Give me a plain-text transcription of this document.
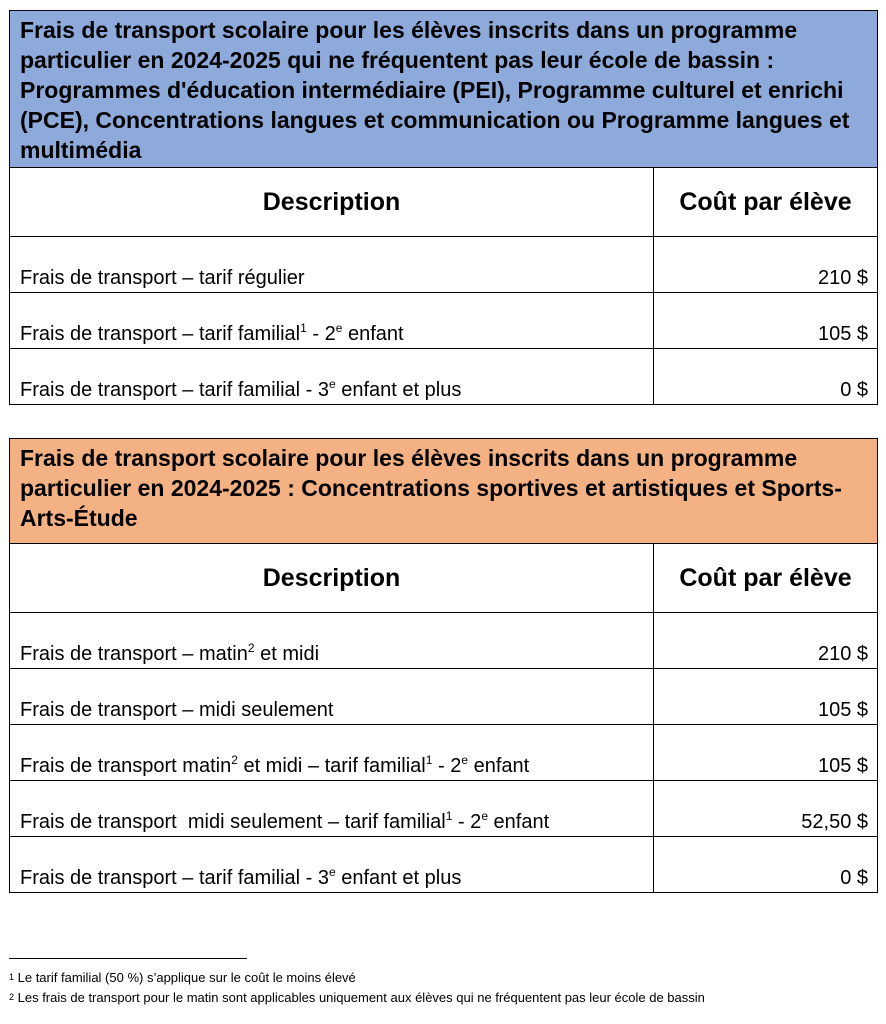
Frais de transport scolaire pour les élèves inscrits dans un programme particulier en 2024-2025 qui ne fréquentent pas leur école de bassin : Programmes d'éducation intermédiaire (PEI), Programme culturel et enrichi (PCE), Concentrations langues et communication ou Programme langues et multimédia	
Description	Coût par élève
Frais de transport – tarif régulier	210 $
Frais de transport – tarif familial$^1$ - 2e enfant	105 $
Frais de transport – tarif familial - 3e enfant et plus	0 $
Frais de transport scolaire pour les élèves inscrits dans un programme particulier en 2024-2025 : Concentrations sportives et artistiques et Sports-Arts-Étude	
Description	Coût par élève
Frais de transport – matin$^2$ et midi	210 $
Frais de transport – midi seulement	105 $
Frais de transport matin$^2$ et midi – tarif familial$^1$ - 2e enfant	105 $
Frais de transport  midi seulement – tarif familial$^1$ - 2e enfant	52,50 $
Frais de transport – tarif familial - 3e enfant et plus	0 $
$^1$ Le tarif familial (50 %) s’applique sur le coût le moins élevé
$^2$ Les frais de transport pour le matin sont applicables uniquement aux élèves qui ne fréquentent pas leur école de bassin
